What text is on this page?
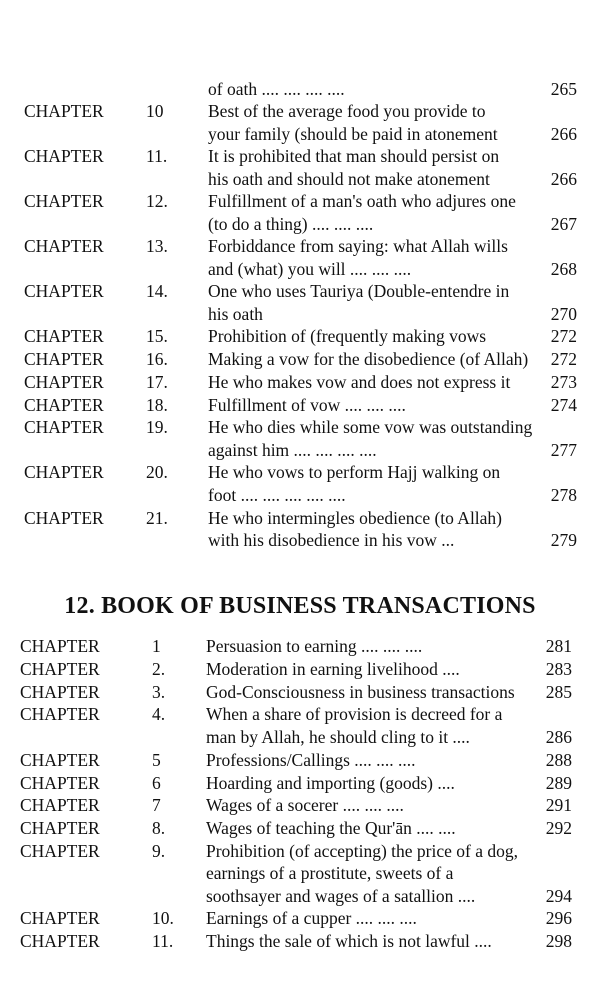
of oath .... .... .... ....	265
CHAPTER 10	Best of the average food you provide to
your family (should be paid in atonement	266
CHAPTER 11. It is prohibited that man should persist on
his oath and should not make atonement	266
CHAPTER 12. Fulfillment of a man's oath who adjures one
(to do a thing) .... .... ....	267
CHAPTER 13. Forbiddance from saying: what Allah wills
and (what) you will .... .... ....	268
CHAPTER 14. One who uses Tauriya (Double-entendre in
his oath	270
CHAPTER 15. Prohibition of (frequently making vows	272
CHAPTER 16. Making a vow for the disobedience (of Allah) 272
CHAPTER 17. He who makes vow and does not express it 273
CHAPTER 18. Fulfillment of vow .... .... ....	274
CHAPTER 19. He who dies while some vow was outstanding
against him .... .... .... ....	277
CHAPTER 20. He who vows to perform Hajj walking on
foot .... .... .... .... ....	278
CHAPTER 21. He who intermingles obedience (to Allah)
with his disobedience in his vow ...	279
12. BOOK OF BUSINESS TRANSACTIONS
CHAPTER	1	Persuasion to earning .... .... ....	281
CHAPTER	2. Moderation in earning livelihood ....	283
CHAPTER	3. God-Consciousness in business transactions 285
CHAPTER	4. When a share of provision is decreed for a
man by Allah, he should cling to it ....	286
CHAPTER	5	Professions/Callings .... .... ....	288
CHAPTER	6	Hoarding and importing (goods) ....	289
CHAPTER	7	Wages of a socerer .... .... ....	291
CHAPTER	8. Wages of teaching the Qur'ān .... ....	292
CHAPTER	9. Prohibition (of accepting) the price of a dog,
earnings of a prostitute, sweets of a
soothsayer and wages of a satallion ....	294
CHAPTER	10. Earnings of a cupper .... .... ....	296
CHAPTER	11. Things the sale of which is not lawful ....	298
